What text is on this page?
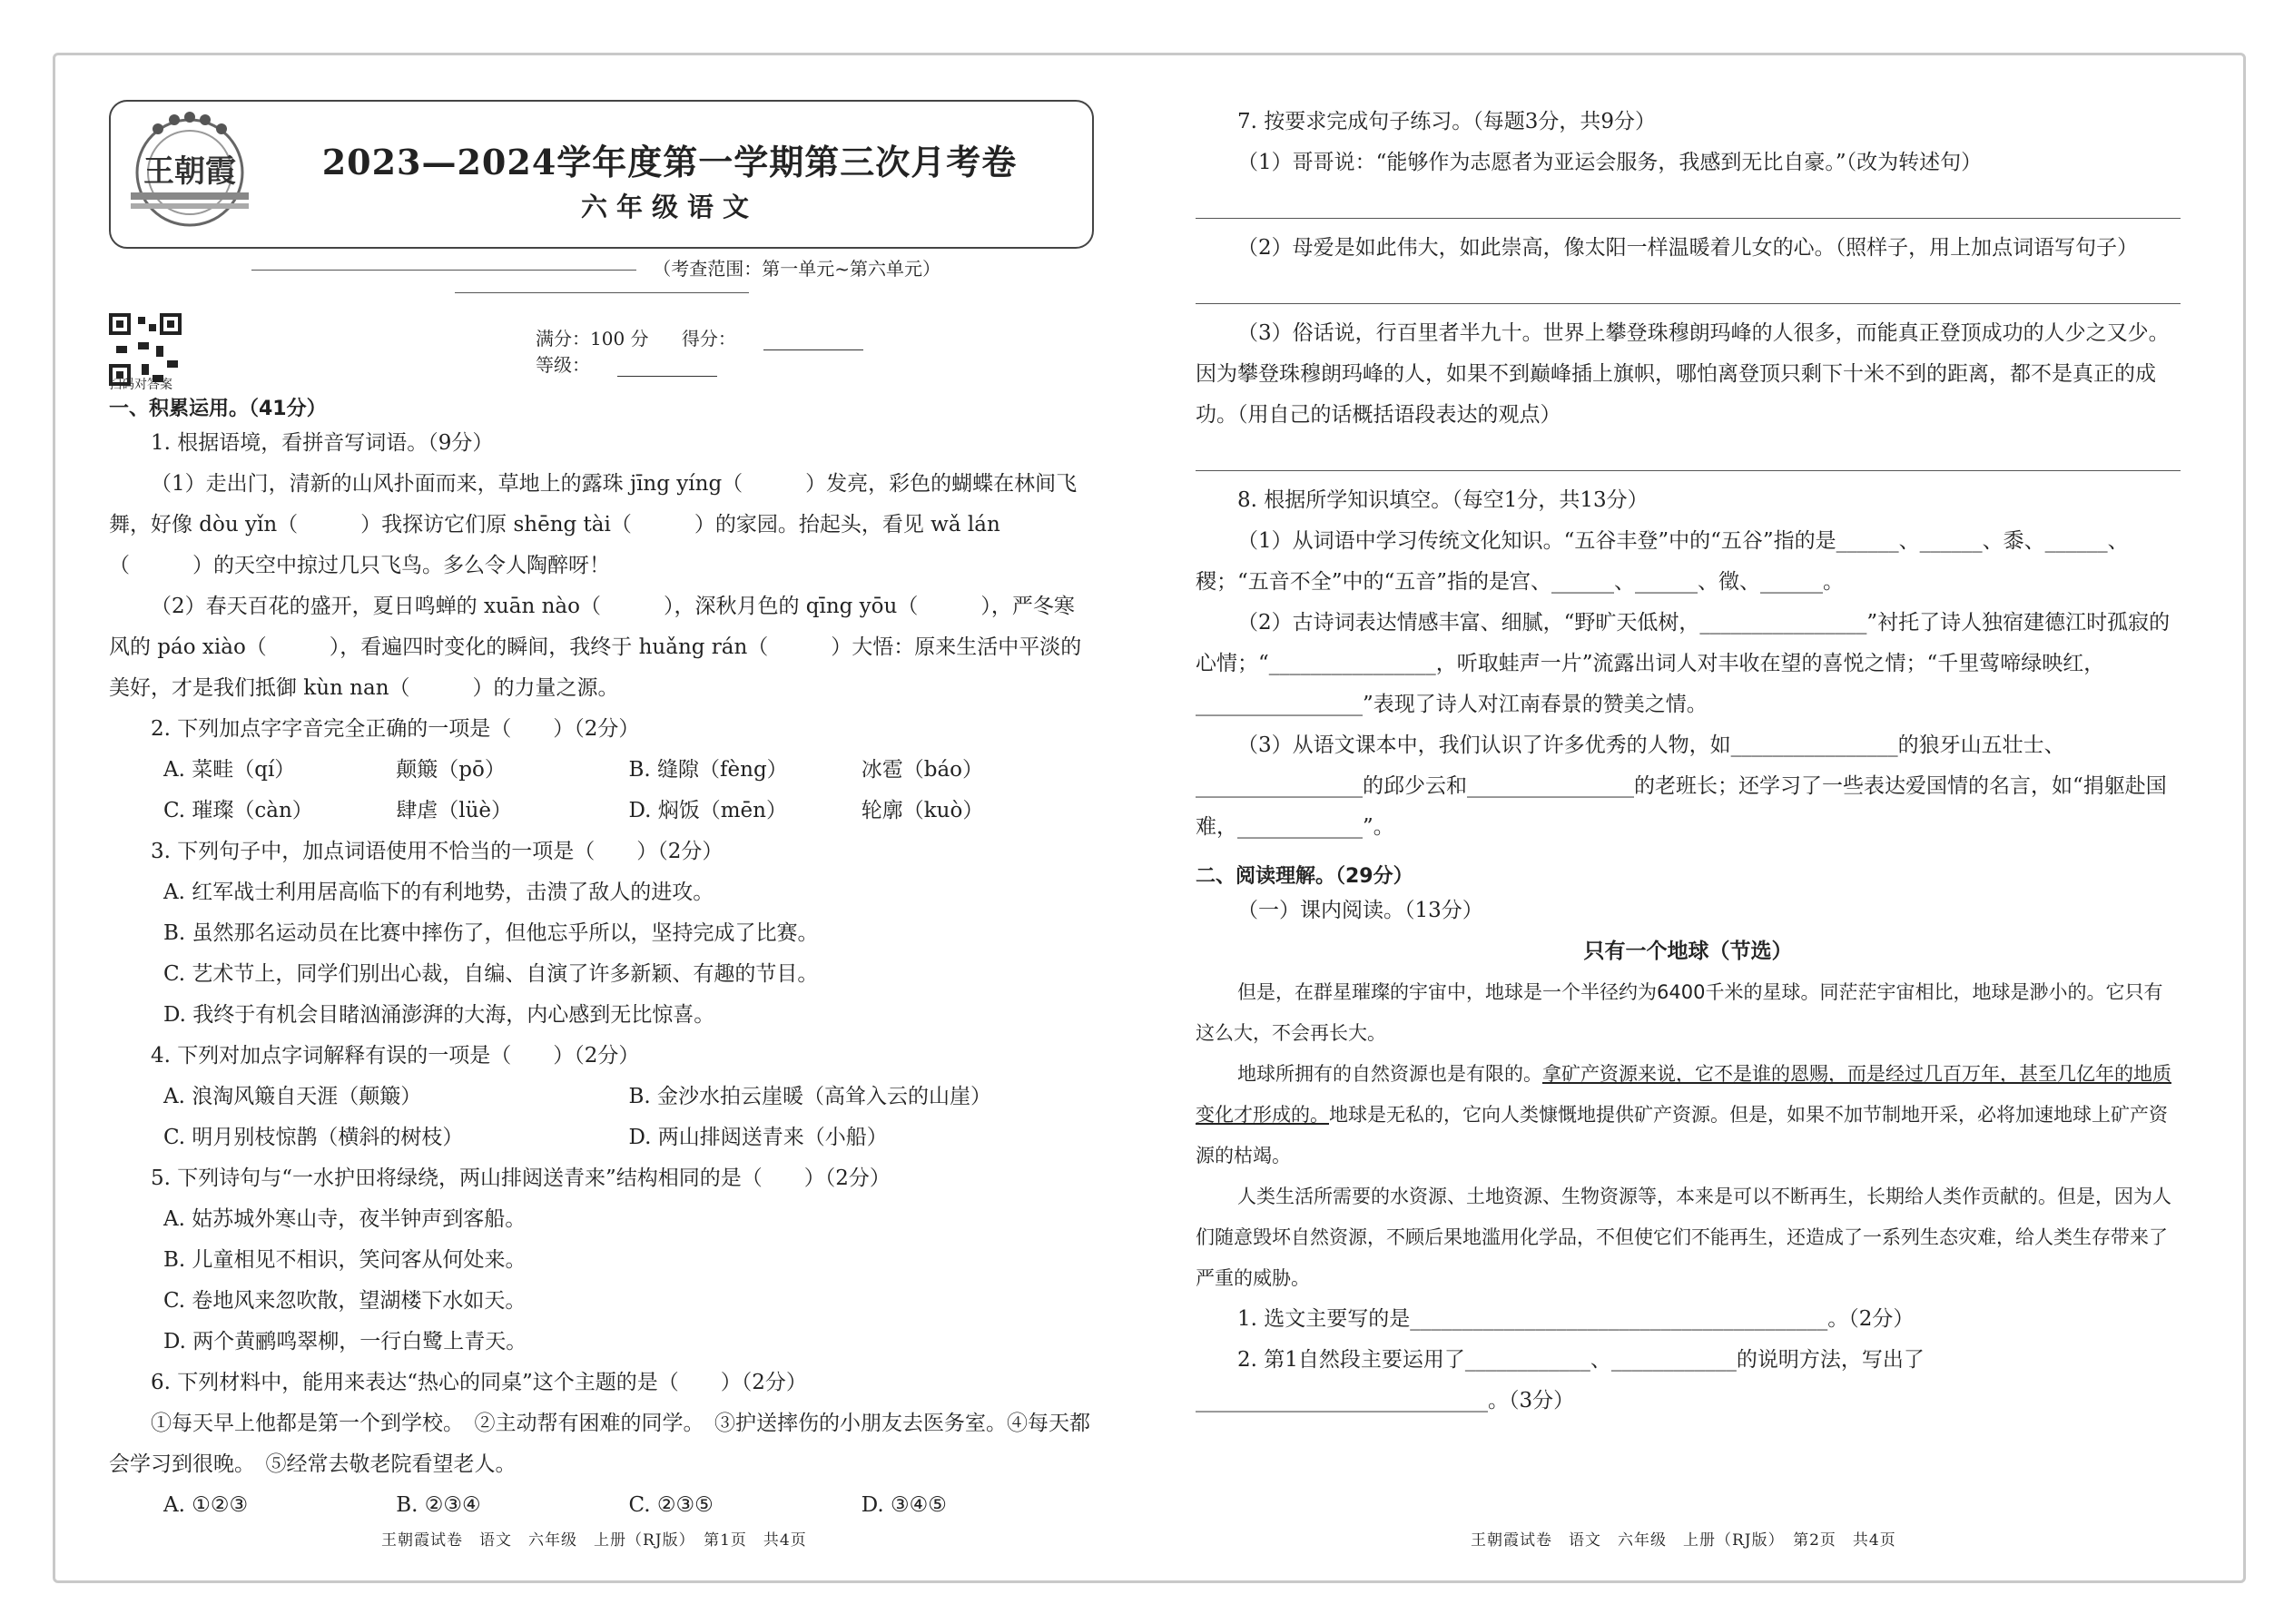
王朝霞	2023—2024学年度第一学期第三次月考卷
六年级语文
（考查范围：第一单元~第六单元）
扫码对答案
满分：100 分 得分： 等级：
一、积累运用。（41分）

1. 根据语境，看拼音写词语。（9分）

（1）走出门，清新的山风扑面而来，草地上的露珠 jīng yíng（　　　）发亮，彩色的蝴蝶在林间飞舞，好像 dòu yǐn（　　　）我探访它们原 shēng tài（　　　）的家园。抬起头，看见 wǎ lán（　　　）的天空中掠过几只飞鸟。多么令人陶醉呀！

（2）春天百花的盛开，夏日鸣蝉的 xuān nào（　　　），深秋月色的 qīng yōu（　　　），严冬寒风的 páo xiào（　　　），看遍四时变化的瞬间，我终于 huǎng rán（　　　）大悟：原来生活中平淡的美好，才是我们抵御 kùn nan（　　　）的力量之源。

2. 下列加点字字音完全正确的一项是（　　）（2分）

A. 菜畦（qí）	颠簸（pō）	B. 缝隙（fèng）	冰雹（báo）
C. 璀璨（càn）	肆虐（lüè）	D. 焖饭（mēn）	轮廓（kuò）

3. 下列句子中，加点词语使用不恰当的一项是（　　）（2分）

A. 红军战士利用居高临下的有利地势，击溃了敌人的进攻。

B. 虽然那名运动员在比赛中摔伤了，但他忘乎所以，坚持完成了比赛。

C. 艺术节上，同学们别出心裁，自编、自演了许多新颖、有趣的节目。

D. 我终于有机会目睹汹涌澎湃的大海，内心感到无比惊喜。

4. 下列对加点字词解释有误的一项是（　　）（2分）

A. 浪淘风簸自天涯（颠簸）	B. 金沙水拍云崖暖（高耸入云的山崖）
C. 明月别枝惊鹊（横斜的树枝）	D. 两山排闼送青来（小船）

5. 下列诗句与“一水护田将绿绕，两山排闼送青来”结构相同的是（　　）（2分）

A. 姑苏城外寒山寺，夜半钟声到客船。

B. 儿童相见不相识，笑问客从何处来。

C. 卷地风来忽吹散，望湖楼下水如天。

D. 两个黄鹂鸣翠柳，一行白鹭上青天。

6. 下列材料中，能用来表达“热心的同桌”这个主题的是（　　）（2分）

①每天早上他都是第一个到学校。　②主动帮有困难的同学。　③护送摔伤的小朋友去医务室。④每天都会学习到很晚。　⑤经常去敬老院看望老人。

A. ①②③	B. ②③④	C. ②③⑤	D. ③④⑤
王朝霞试卷　语文　六年级　上册（RJ版）　第1页　共4页

7. 按要求完成句子练习。（每题3分，共9分）

（1）哥哥说：“能够作为志愿者为亚运会服务，我感到无比自豪。”（改为转述句）

（2）母爱是如此伟大，如此崇高，像太阳一样温暖着儿女的心。（照样子，用上加点词语写句子）

（3）俗话说，行百里者半九十。世界上攀登珠穆朗玛峰的人很多，而能真正登顶成功的人少之又少。因为攀登珠穆朗玛峰的人，如果不到巅峰插上旗帜，哪怕离登顶只剩下十米不到的距离，都不是真正的成功。（用自己的话概括语段表达的观点）

8. 根据所学知识填空。（每空1分，共13分）

（1）从词语中学习传统文化知识。“五谷丰登”中的“五谷”指的是______、______、黍、______、稷；“五音不全”中的“五音”指的是宫、______、______、徵、______。

（2）古诗词表达情感丰富、细腻，“野旷天低树，________________”衬托了诗人独宿建德江时孤寂的心情；“________________，听取蛙声一片”流露出词人对丰收在望的喜悦之情；“千里莺啼绿映红，________________”表现了诗人对江南春景的赞美之情。

（3）从语文课本中，我们认识了许多优秀的人物，如________________的狼牙山五壮士、________________的邱少云和________________的老班长；还学习了一些表达爱国情的名言，如“捐躯赴国难，____________”。

二、阅读理解。（29分）

（一）课内阅读。（13分）

只有一个地球（节选）

但是，在群星璀璨的宇宙中，地球是一个半径约为6400千米的星球。同茫茫宇宙相比，地球是渺小的。它只有这么大，不会再长大。

地球所拥有的自然资源也是有限的。拿矿产资源来说，它不是谁的恩赐，而是经过几百万年，甚至几亿年的地质变化才形成的。地球是无私的，它向人类慷慨地提供矿产资源。但是，如果不加节制地开采，必将加速地球上矿产资源的枯竭。

人类生活所需要的水资源、土地资源、生物资源等，本来是可以不断再生，长期给人类作贡献的。但是，因为人们随意毁坏自然资源，不顾后果地滥用化学品，不但使它们不能再生，还造成了一系列生态灾难，给人类生存带来了严重的威胁。

1. 选文主要写的是________________________________________。（2分）

2. 第1自然段主要运用了____________、____________的说明方法，写出了____________________________。（3分）

王朝霞试卷　语文　六年级　上册（RJ版）　第2页　共4页
